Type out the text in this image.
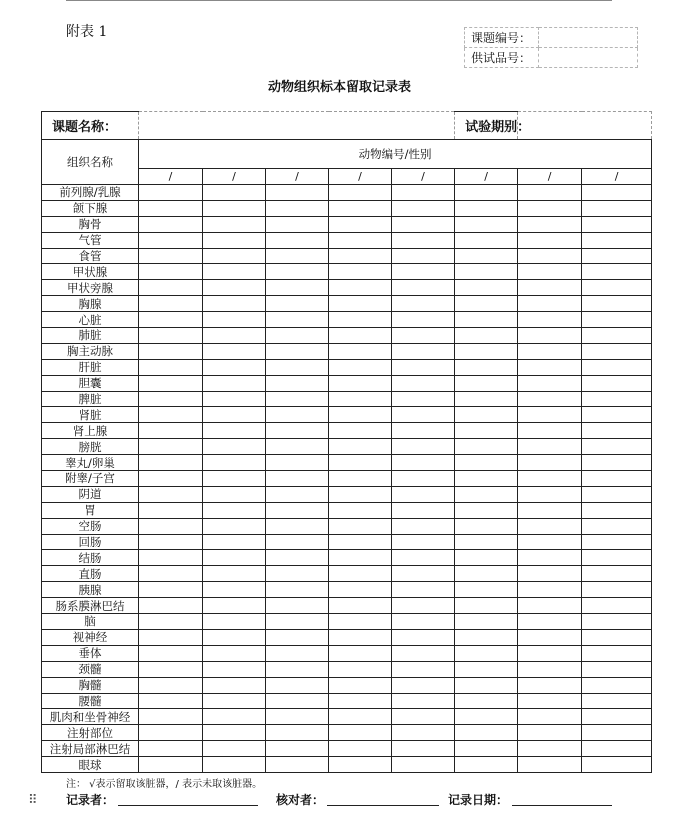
附表 1	课题编号：	
供试品号：	
动物组织标本留取记录表
课题名称：						试验期别：		
组织名称	动物编号/性别							
	/	/	/	/	/	/	/	/
前列腺/乳腺								
颌下腺								
胸骨								
气管								
食管								
甲状腺								
甲状旁腺								
胸腺								
心脏								
肺脏								
胸主动脉								
肝脏								
胆囊								
脾脏								
肾脏								
肾上腺								
膀胱								
睾丸/卵巢								
附睾/子宫								
阴道								
胃								
空肠								
回肠								
结肠								
直肠								
胰腺								
肠系膜淋巴结								
脑								
视神经								
垂体								
颈髓								
胸髓								
腰髓								
肌肉和坐骨神经								
注射部位								
注射局部淋巴结								
眼球								
注： √表示留取该脏器，/ 表示未取该脏器。
⠿ 记录者：	核对者：	记录日期：
